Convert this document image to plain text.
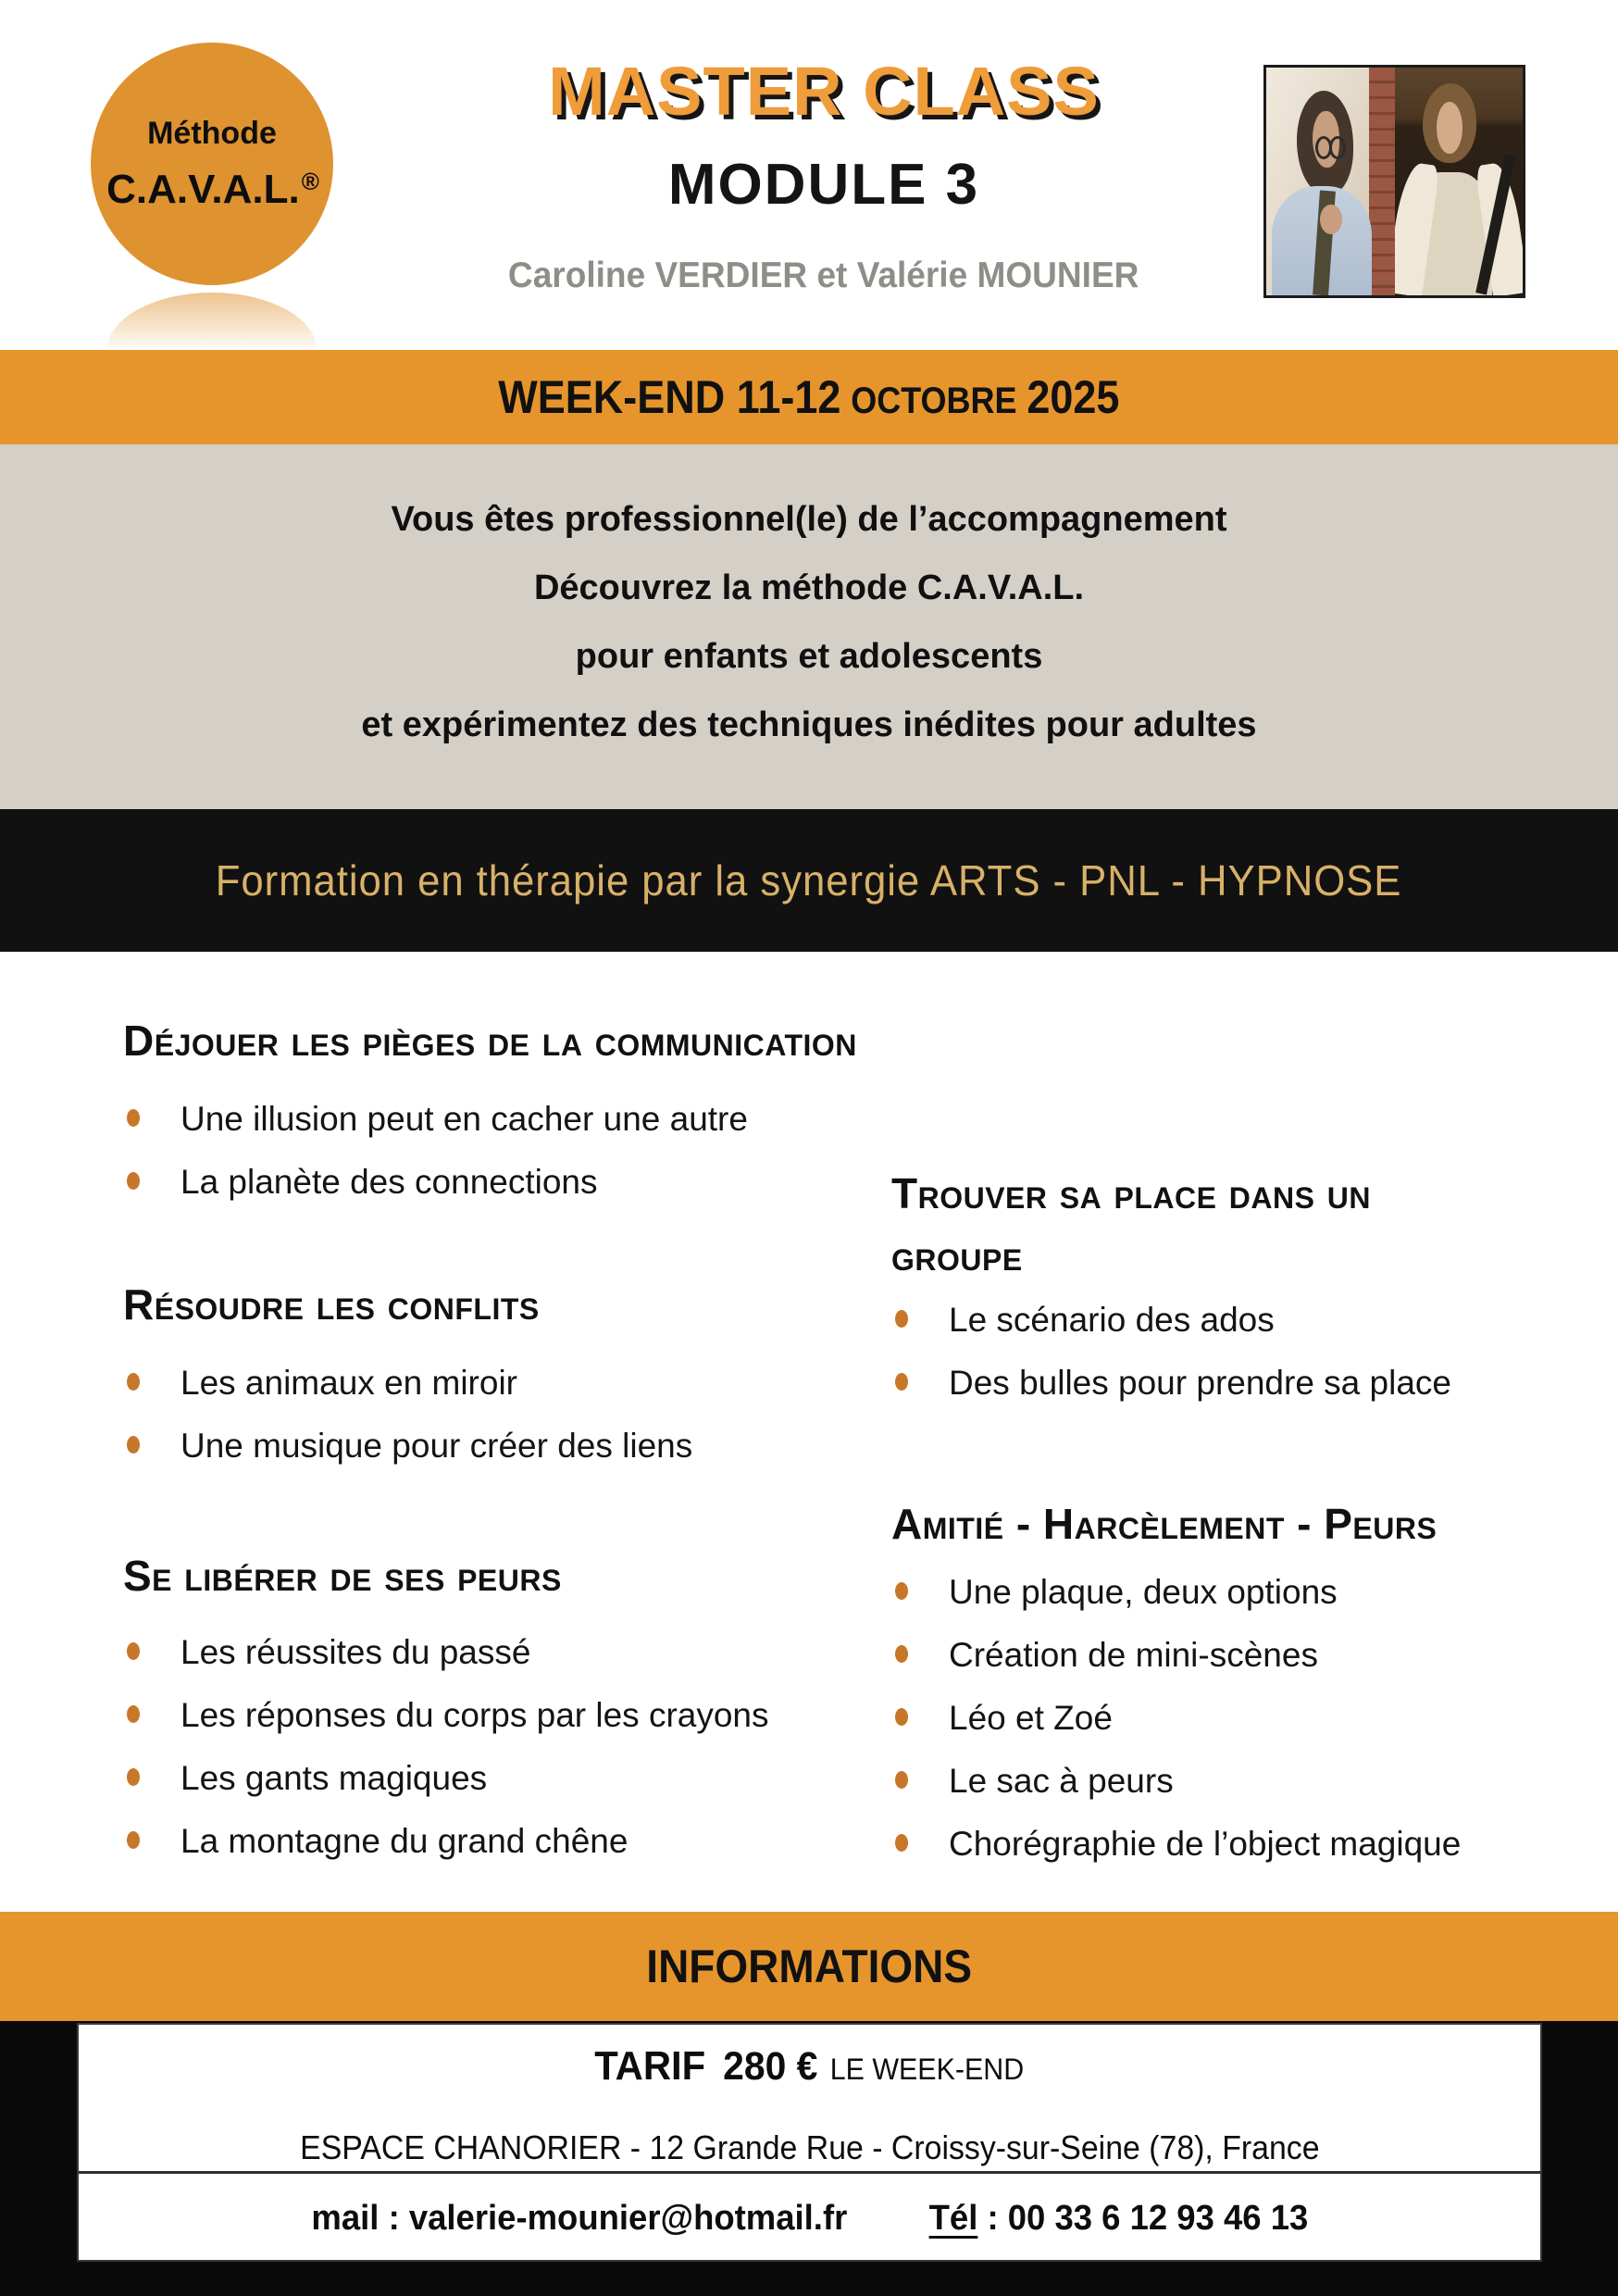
Méthode
C.A.V.A.L.®
MASTER CLASS
MODULE 3
Caroline VERDIER et Valérie MOUNIER
WEEK-END 11-12 OCTOBRE 2025

Vous êtes professionnel(le) de l’accompagnement

Découvrez la méthode C.A.V.A.L.

pour enfants et adolescents

et expérimentez des techniques inédites pour adultes

Formation en thérapie par la synergie ARTS - PNL - HYPNOSE
Déjouer les pièges de la communication
Une illusion peut en cacher une autre
La planète des connections
Résoudre les conflits
Les animaux en miroir
Une musique pour créer des liens
Se libérer de ses peurs
Les réussites du passé
Les réponses du corps par les crayons
Les gants magiques
La montagne du grand chêne
Trouver sa place dans un groupe
Le scénario des ados
Des bulles pour prendre sa place
Amitié - Harcèlement - Peurs
Une plaque, deux options
Création de mini-scènes
Léo et Zoé
Le sac à peurs
Chorégraphie de l’object magique
INFORMATIONS
TARIF 280 € LE WEEK-END
ESPACE CHANORIER - 12 Grande Rue - Croissy-sur-Seine (78), France
mail : valerie-mounier@hotmail.fr Tél : 00 33 6 12 93 46 13
